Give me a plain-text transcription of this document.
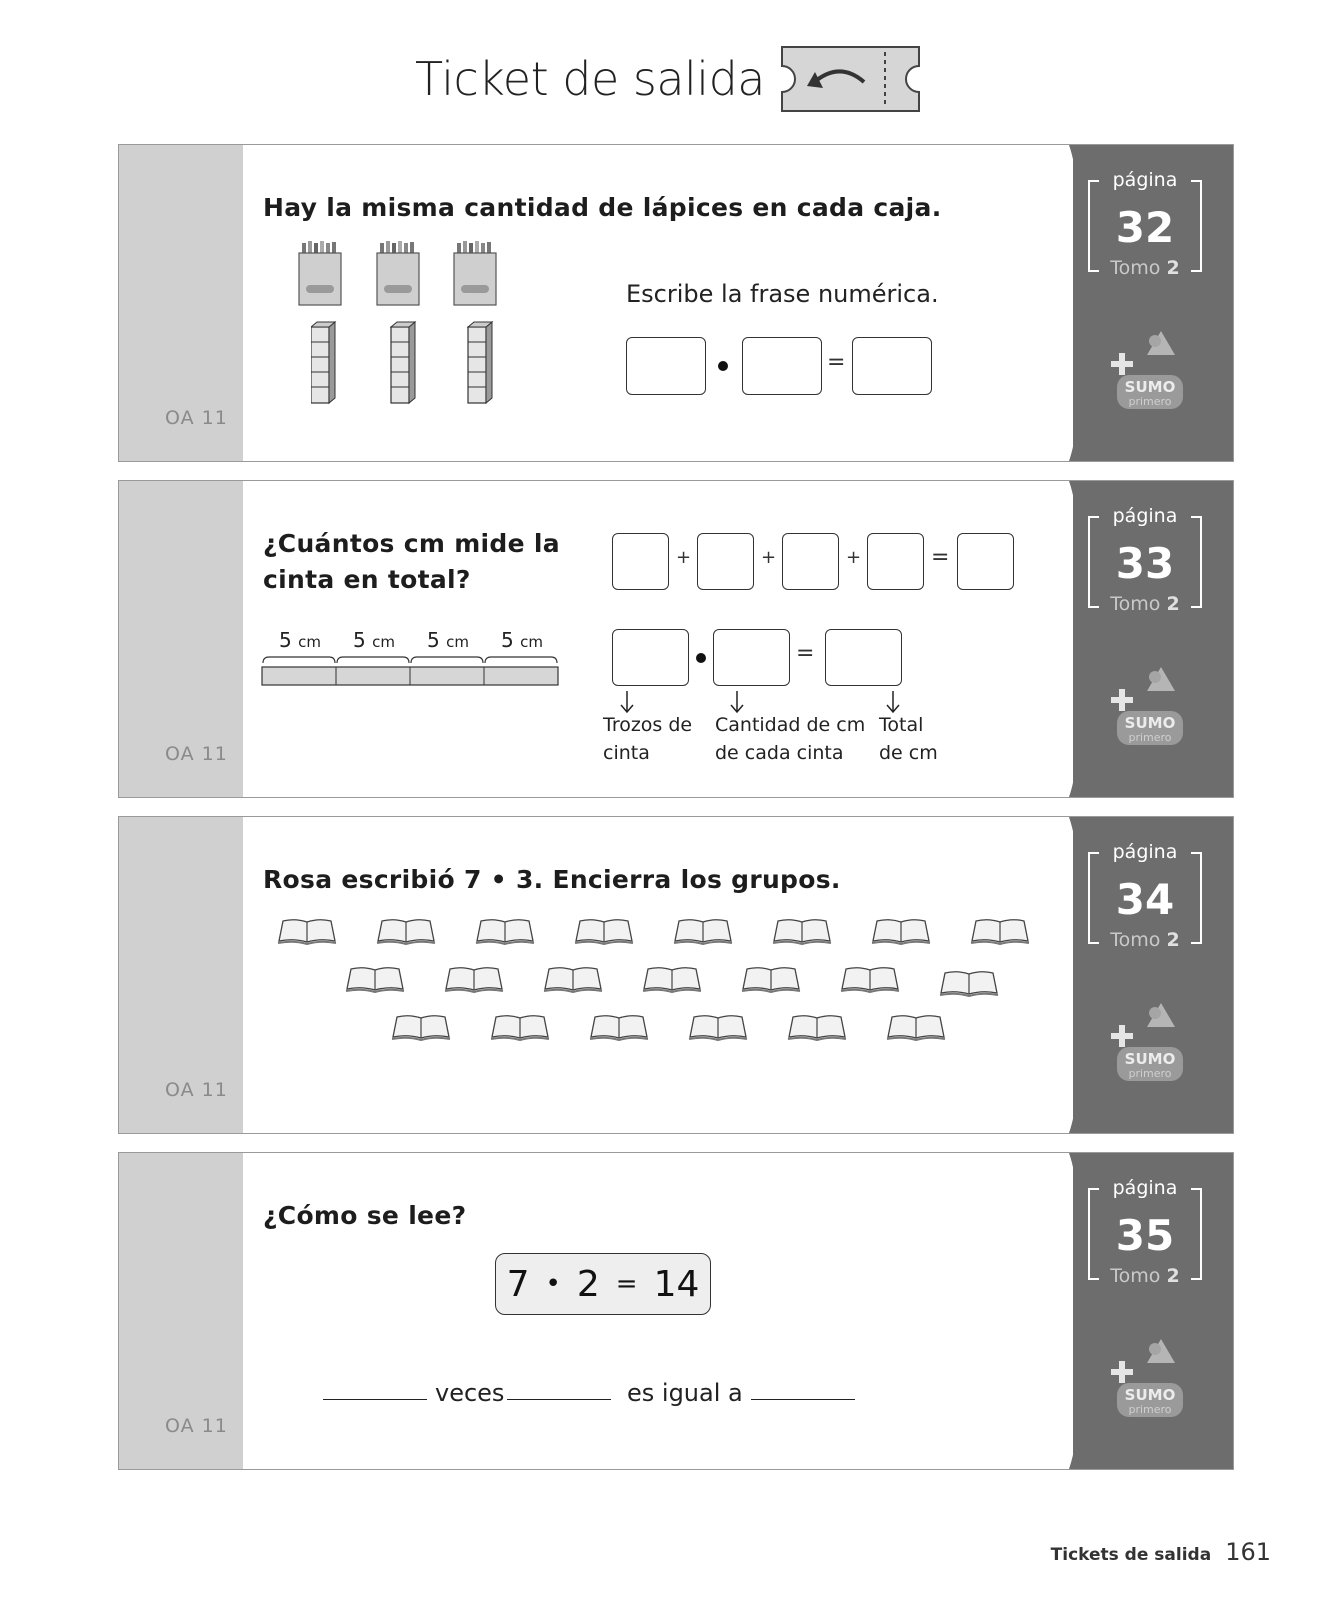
Ticket de salida
OA 11
Hay la misma cantidad de lápices en cada caja.
Escribe la frase numérica.
=
página
32
Tomo 2
SUMO
primero
OA 11
¿Cuántos cm mide la
cinta en total?
5 cm 5 cm 5 cm 5 cm
+	+	+	=
=
Trozos de
cinta
Cantidad de cm
de cada cinta
Total
de cm
página
33
Tomo 2
SUMO
primero
OA 11
Rosa escribió 7 • 3. Encierra los grupos.
página
34
Tomo 2
SUMO
primero
OA 11
¿Cómo se lee?
7 • 2 = 14
veces	es igual a
página
35
Tomo 2
SUMO
primero
Tickets de salida 161
